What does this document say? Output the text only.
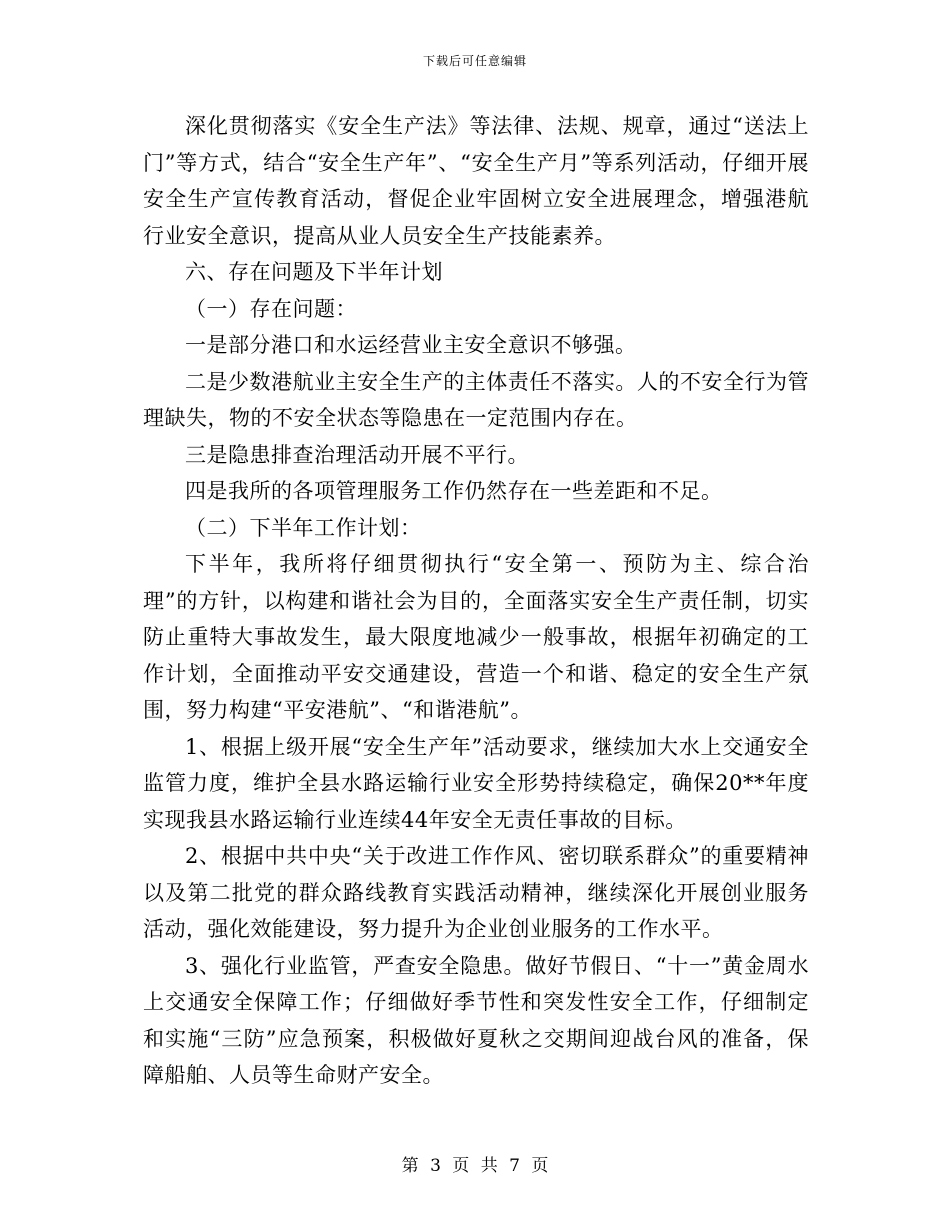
下载后可任意编辑

深化贯彻落实《安全生产法》等法律、法规、规章，通过“送法上门”等方式，结合“安全生产年”、“安全生产月”等系列活动，仔细开展安全生产宣传教育活动，督促企业牢固树立安全进展理念，增强港航行业安全意识，提高从业人员安全生产技能素养。

六、存在问题及下半年计划

（一）存在问题：

一是部分港口和水运经营业主安全意识不够强。

二是少数港航业主安全生产的主体责任不落实。人的不安全行为管理缺失，物的不安全状态等隐患在一定范围内存在。

三是隐患排查治理活动开展不平行。

四是我所的各项管理服务工作仍然存在一些差距和不足。

（二）下半年工作计划：

下半年，我所将仔细贯彻执行“安全第一、预防为主、综合治理”的方针，以构建和谐社会为目的，全面落实安全生产责任制，切实防止重特大事故发生，最大限度地减少一般事故，根据年初确定的工作计划，全面推动平安交通建设，营造一个和谐、稳定的安全生产氛围，努力构建“平安港航”、“和谐港航”。

1、根据上级开展“安全生产年”活动要求，继续加大水上交通安全监管力度，维护全县水路运输行业安全形势持续稳定，确保20**年度实现我县水路运输行业连续44年安全无责任事故的目标。

2、根据中共中央“关于改进工作作风、密切联系群众”的重要精神以及第二批党的群众路线教育实践活动精神，继续深化开展创业服务活动，强化效能建设，努力提升为企业创业服务的工作水平。

3、强化行业监管，严查安全隐患。做好节假日、“十一”黄金周水上交通安全保障工作；仔细做好季节性和突发性安全工作，仔细制定和实施“三防”应急预案，积极做好夏秋之交期间迎战台风的准备，保障船舶、人员等生命财产安全。

第 3 页 共 7 页
